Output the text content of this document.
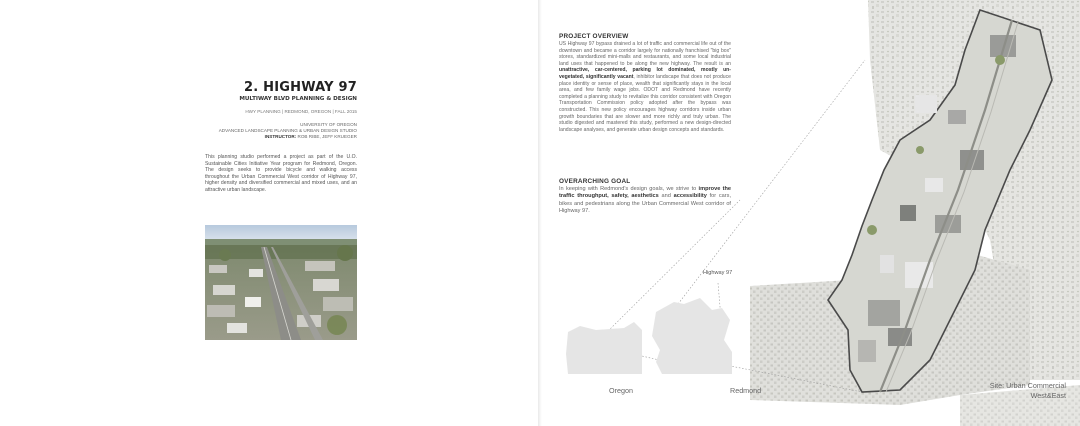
2. HIGHWAY 97
MULTIWAY BLVD PLANNING & DESIGN
HWY PLANNING | REDMOND, OREGON | FALL 2015
UNIVERSITY OF OREGON
ADVANCED LANDSCAPE PLANNING & URBAN DESIGN STUDIO
INSTRUCTOR: ROB RIBE, JEFF KRUEGER
This planning studio performed a project as part of the U.O. Sustainable Cities Initiative Year program for Redmond, Oregon. The design seeks to provide bicycle and walking access throughout the Urban Commercial West corridor of Highway 97, higher density and diversified commercial and mixed uses, and an attractive urban landscape.
PROJECT OVERVIEW
US Highway 97 bypass drained a lot of traffic and commercial life out of the downtown and became a corridor largely for nationally franchised "big box" stores, standardized mini-malls and restaurants, and some local industrial land uses that happened to be along the new highway. The result is an unattractive, car-centered, parking lot dominated, mostly un-vegetated, significantly vacant, inhibitor landscape that does not produce place identity or sense of place, wealth that significantly stays in the local area, and few family wage jobs. ODOT and Redmond have recently completed a planning study to revitalize this corridor consistent with Oregon Transportation Commission policy adopted after the bypass was constructed. This new policy encourages highway corridors inside urban growth boundaries that are slower and more richly and truly urban. The studio digested and mastered this study, performed a new design-directed landscape analyses, and generate urban design concepts and standards.
OVERARCHING GOAL
In keeping with Redmond's design goals, we strive to improve the traffic throughput, safety, aesthetics and accessibility for cars, bikes and pedestrians along the Urban Commercial West corridor of Highway 97.
Highway 97
Oregon	Redmond
Site: Urban Commercial
West&East
